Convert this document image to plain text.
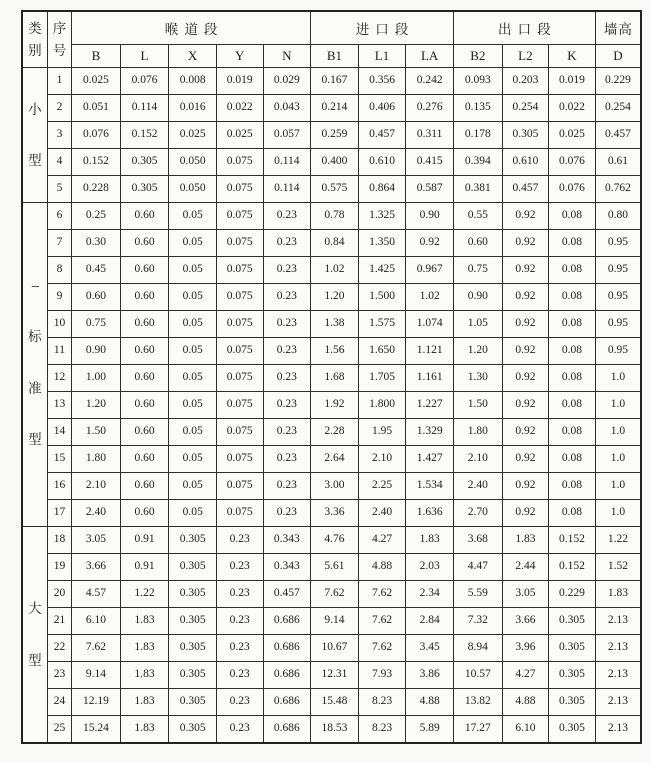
类
别	序
号	喉道段					进口段			出口段			墙高
		B	L	X	Y	N	B1	L1	LA	B2	L2	K	D

小
型	1	0.025	0.076	0.008	0.019	0.029	0.167	0.356	0.242	0.093	0.203	0.019	0.229
	2	0.051	0.114	0.016	0.022	0.043	0.214	0.406	0.276	0.135	0.254	0.022	0.254
	3	0.076	0.152	0.025	0.025	0.057	0.259	0.457	0.311	0.178	0.305	0.025	0.457
	4	0.152	0.305	0.050	0.075	0.114	0.400	0.610	0.415	0.394	0.610	0.076	0.61
	5	0.228	0.305	0.050	0.075	0.114	0.575	0.864	0.587	0.381	0.457	0.076	0.762

---
标
准
型	6	0.25	0.60	0.05	0.075	0.23	0.78	1.325	0.90	0.55	0.92	0.08	0.80
	7	0.30	0.60	0.05	0.075	0.23	0.84	1.350	0.92	0.60	0.92	0.08	0.95
	8	0.45	0.60	0.05	0.075	0.23	1.02	1.425	0.967	0.75	0.92	0.08	0.95
	9	0.60	0.60	0.05	0.075	0.23	1.20	1.500	1.02	0.90	0.92	0.08	0.95
	10	0.75	0.60	0.05	0.075	0.23	1.38	1.575	1.074	1.05	0.92	0.08	0.95
	11	0.90	0.60	0.05	0.075	0.23	1.56	1.650	1.121	1.20	0.92	0.08	0.95
	12	1.00	0.60	0.05	0.075	0.23	1.68	1.705	1.161	1.30	0.92	0.08	1.0
	13	1.20	0.60	0.05	0.075	0.23	1.92	1.800	1.227	1.50	0.92	0.08	1.0
	14	1.50	0.60	0.05	0.075	0.23	2.28	1.95	1.329	1.80	0.92	0.08	1.0
	15	1.80	0.60	0.05	0.075	0.23	2.64	2.10	1.427	2.10	0.92	0.08	1.0
	16	2.10	0.60	0.05	0.075	0.23	3.00	2.25	1.534	2.40	0.92	0.08	1.0
	17	2.40	0.60	0.05	0.075	0.23	3.36	2.40	1.636	2.70	0.92	0.08	1.0

大
型	18	3.05	0.91	0.305	0.23	0.343	4.76	4.27	1.83	3.68	1.83	0.152	1.22
	19	3.66	0.91	0.305	0.23	0.343	5.61	4.88	2.03	4.47	2.44	0.152	1.52
	20	4.57	1.22	0.305	0.23	0.457	7.62	7.62	2.34	5.59	3.05	0.229	1.83
	21	6.10	1.83	0.305	0.23	0.686	9.14	7.62	2.84	7.32	3.66	0.305	2.13
	22	7.62	1.83	0.305	0.23	0.686	10.67	7.62	3.45	8.94	3.96	0.305	2.13
	23	9.14	1.83	0.305	0.23	0.686	12.31	7.93	3.86	10.57	4.27	0.305	2.13
	24	12.19	1.83	0.305	0.23	0.686	15.48	8.23	4.88	13.82	4.88	0.305	2.13
	25	15.24	1.83	0.305	0.23	0.686	18.53	8.23	5.89	17.27	6.10	0.305	2.13
